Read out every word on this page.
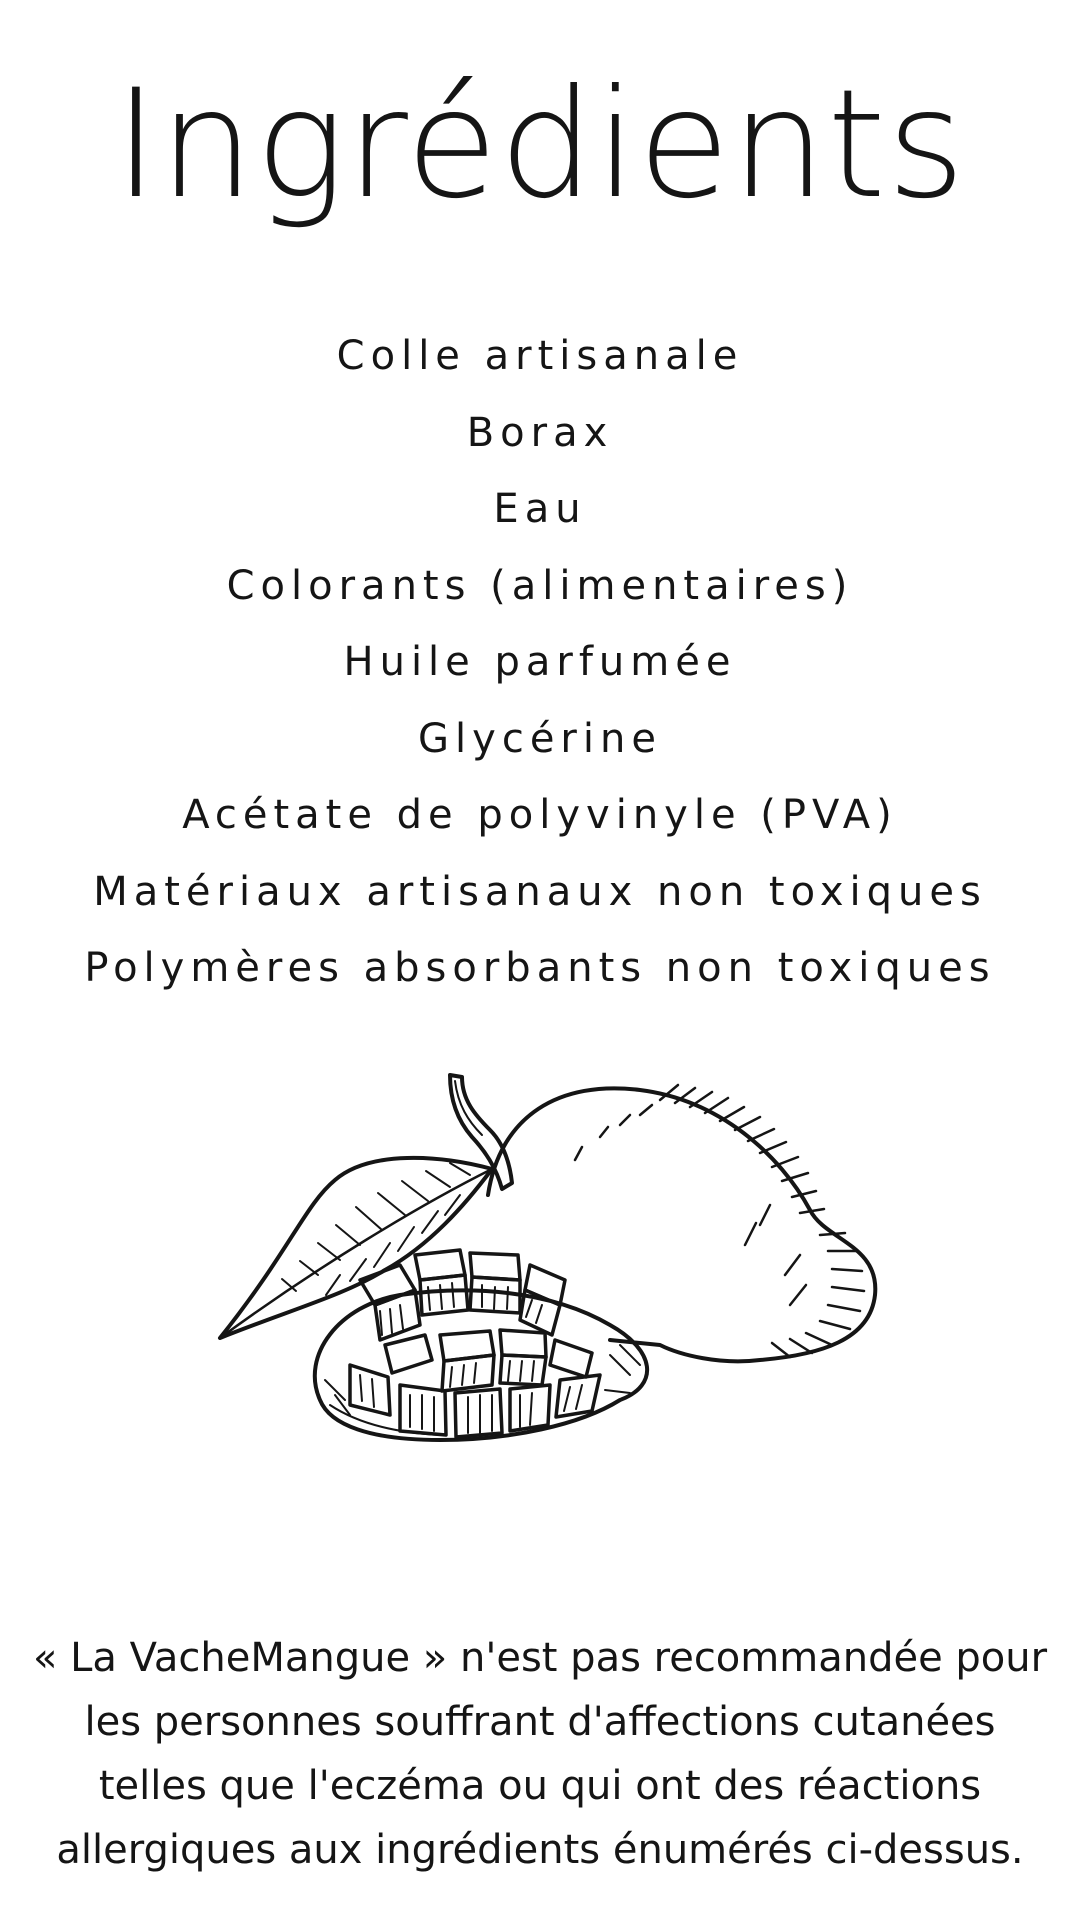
Ingrédients
Colle artisanale
Borax
Eau
Colorants (alimentaires)
Huile parfumée
Glycérine
Acétate de polyvinyle (PVA)
Matériaux artisanaux non toxiques
Polymères absorbants non toxiques

« La VacheMangue » n'est pas recommandée pour les personnes souffrant d'affections cutanées telles que l'eczéma ou qui ont des réactions allergiques aux ingrédients énumérés ci-dessus.
